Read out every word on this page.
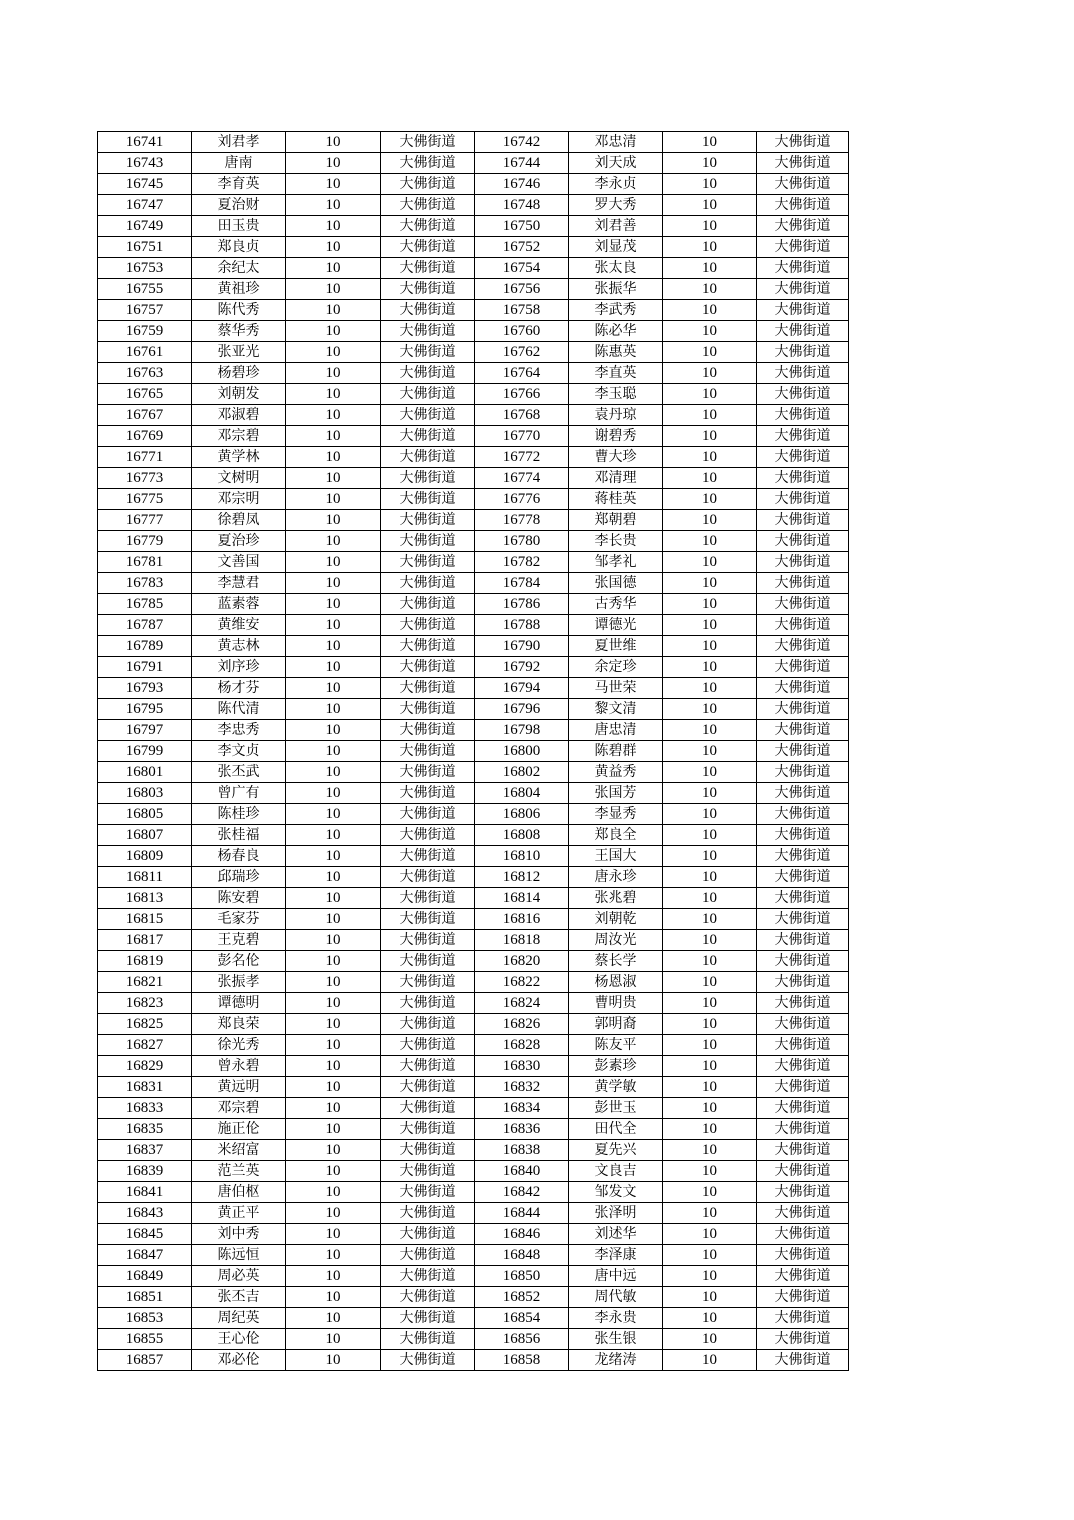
16741	刘君孝	10	大佛街道	16742	邓忠清	10	大佛街道
16743	唐南	10	大佛街道	16744	刘天成	10	大佛街道
16745	李育英	10	大佛街道	16746	李永贞	10	大佛街道
16747	夏治财	10	大佛街道	16748	罗大秀	10	大佛街道
16749	田玉贵	10	大佛街道	16750	刘君善	10	大佛街道
16751	郑良贞	10	大佛街道	16752	刘显茂	10	大佛街道
16753	余纪太	10	大佛街道	16754	张太良	10	大佛街道
16755	黄祖珍	10	大佛街道	16756	张振华	10	大佛街道
16757	陈代秀	10	大佛街道	16758	李武秀	10	大佛街道
16759	蔡华秀	10	大佛街道	16760	陈必华	10	大佛街道
16761	张亚光	10	大佛街道	16762	陈惠英	10	大佛街道
16763	杨碧珍	10	大佛街道	16764	李直英	10	大佛街道
16765	刘朝发	10	大佛街道	16766	李玉聪	10	大佛街道
16767	邓淑碧	10	大佛街道	16768	袁丹琼	10	大佛街道
16769	邓宗碧	10	大佛街道	16770	谢碧秀	10	大佛街道
16771	黄学林	10	大佛街道	16772	曹大珍	10	大佛街道
16773	文树明	10	大佛街道	16774	邓清理	10	大佛街道
16775	邓宗明	10	大佛街道	16776	蒋桂英	10	大佛街道
16777	徐碧凤	10	大佛街道	16778	郑朝碧	10	大佛街道
16779	夏治珍	10	大佛街道	16780	李长贵	10	大佛街道
16781	文善国	10	大佛街道	16782	邹孝礼	10	大佛街道
16783	李慧君	10	大佛街道	16784	张国德	10	大佛街道
16785	蓝素蓉	10	大佛街道	16786	古秀华	10	大佛街道
16787	黄维安	10	大佛街道	16788	谭德光	10	大佛街道
16789	黄志林	10	大佛街道	16790	夏世维	10	大佛街道
16791	刘序珍	10	大佛街道	16792	余定珍	10	大佛街道
16793	杨才芬	10	大佛街道	16794	马世荣	10	大佛街道
16795	陈代清	10	大佛街道	16796	黎文清	10	大佛街道
16797	李忠秀	10	大佛街道	16798	唐忠清	10	大佛街道
16799	李文贞	10	大佛街道	16800	陈碧群	10	大佛街道
16801	张丕武	10	大佛街道	16802	黄益秀	10	大佛街道
16803	曾广有	10	大佛街道	16804	张国芳	10	大佛街道
16805	陈桂珍	10	大佛街道	16806	李显秀	10	大佛街道
16807	张桂福	10	大佛街道	16808	郑良全	10	大佛街道
16809	杨春良	10	大佛街道	16810	王国大	10	大佛街道
16811	邱瑞珍	10	大佛街道	16812	唐永珍	10	大佛街道
16813	陈安碧	10	大佛街道	16814	张兆碧	10	大佛街道
16815	毛家芬	10	大佛街道	16816	刘朝乾	10	大佛街道
16817	王克碧	10	大佛街道	16818	周汝光	10	大佛街道
16819	彭名伦	10	大佛街道	16820	蔡长学	10	大佛街道
16821	张振孝	10	大佛街道	16822	杨恩淑	10	大佛街道
16823	谭德明	10	大佛街道	16824	曹明贵	10	大佛街道
16825	郑良荣	10	大佛街道	16826	郭明裔	10	大佛街道
16827	徐光秀	10	大佛街道	16828	陈友平	10	大佛街道
16829	曾永碧	10	大佛街道	16830	彭素珍	10	大佛街道
16831	黄远明	10	大佛街道	16832	黄学敏	10	大佛街道
16833	邓宗碧	10	大佛街道	16834	彭世玉	10	大佛街道
16835	施正伦	10	大佛街道	16836	田代全	10	大佛街道
16837	米绍富	10	大佛街道	16838	夏先兴	10	大佛街道
16839	范兰英	10	大佛街道	16840	文良吉	10	大佛街道
16841	唐伯枢	10	大佛街道	16842	邹发文	10	大佛街道
16843	黄正平	10	大佛街道	16844	张泽明	10	大佛街道
16845	刘中秀	10	大佛街道	16846	刘述华	10	大佛街道
16847	陈远恒	10	大佛街道	16848	李泽康	10	大佛街道
16849	周必英	10	大佛街道	16850	唐中远	10	大佛街道
16851	张丕吉	10	大佛街道	16852	周代敏	10	大佛街道
16853	周纪英	10	大佛街道	16854	李永贵	10	大佛街道
16855	王心伦	10	大佛街道	16856	张生银	10	大佛街道
16857	邓必伦	10	大佛街道	16858	龙绪涛	10	大佛街道
